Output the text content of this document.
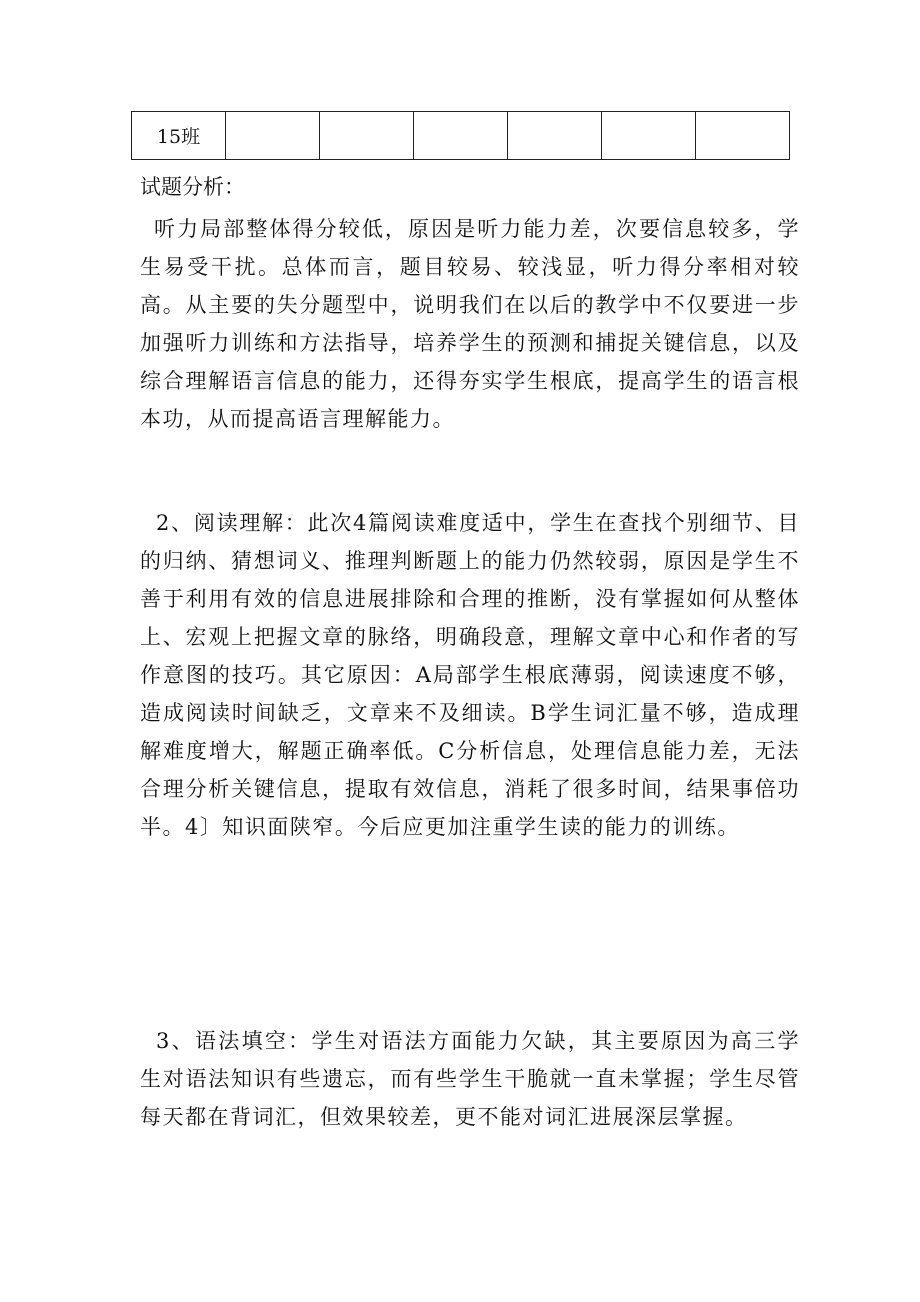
15班						
试题分析：
听力局部整体得分较低，原因是听力能力差，次要信息较多，学生易受干扰。总体而言，题目较易、较浅显，听力得分率相对较高。从主要的失分题型中，说明我们在以后的教学中不仅要进一步加强听力训练和方法指导，培养学生的预测和捕捉关键信息，以及综合理解语言信息的能力，还得夯实学生根底，提高学生的语言根本功，从而提高语言理解能力。
2、阅读理解：此次4篇阅读难度适中，学生在查找个别细节、目的归纳、猜想词义、推理判断题上的能力仍然较弱，原因是学生不善于利用有效的信息进展排除和合理的推断，没有掌握如何从整体上、宏观上把握文章的脉络，明确段意，理解文章中心和作者的写作意图的技巧。其它原因：A局部学生根底薄弱，阅读速度不够，造成阅读时间缺乏，文章来不及细读。B学生词汇量不够，造成理解难度增大，解题正确率低。C分析信息，处理信息能力差，无法合理分析关键信息，提取有效信息，消耗了很多时间，结果事倍功半。4〕知识面陕窄。今后应更加注重学生读的能力的训练。
3、语法填空：学生对语法方面能力欠缺，其主要原因为高三学生对语法知识有些遗忘，而有些学生干脆就一直未掌握；学生尽管每天都在背词汇，但效果较差，更不能对词汇进展深层掌握。
